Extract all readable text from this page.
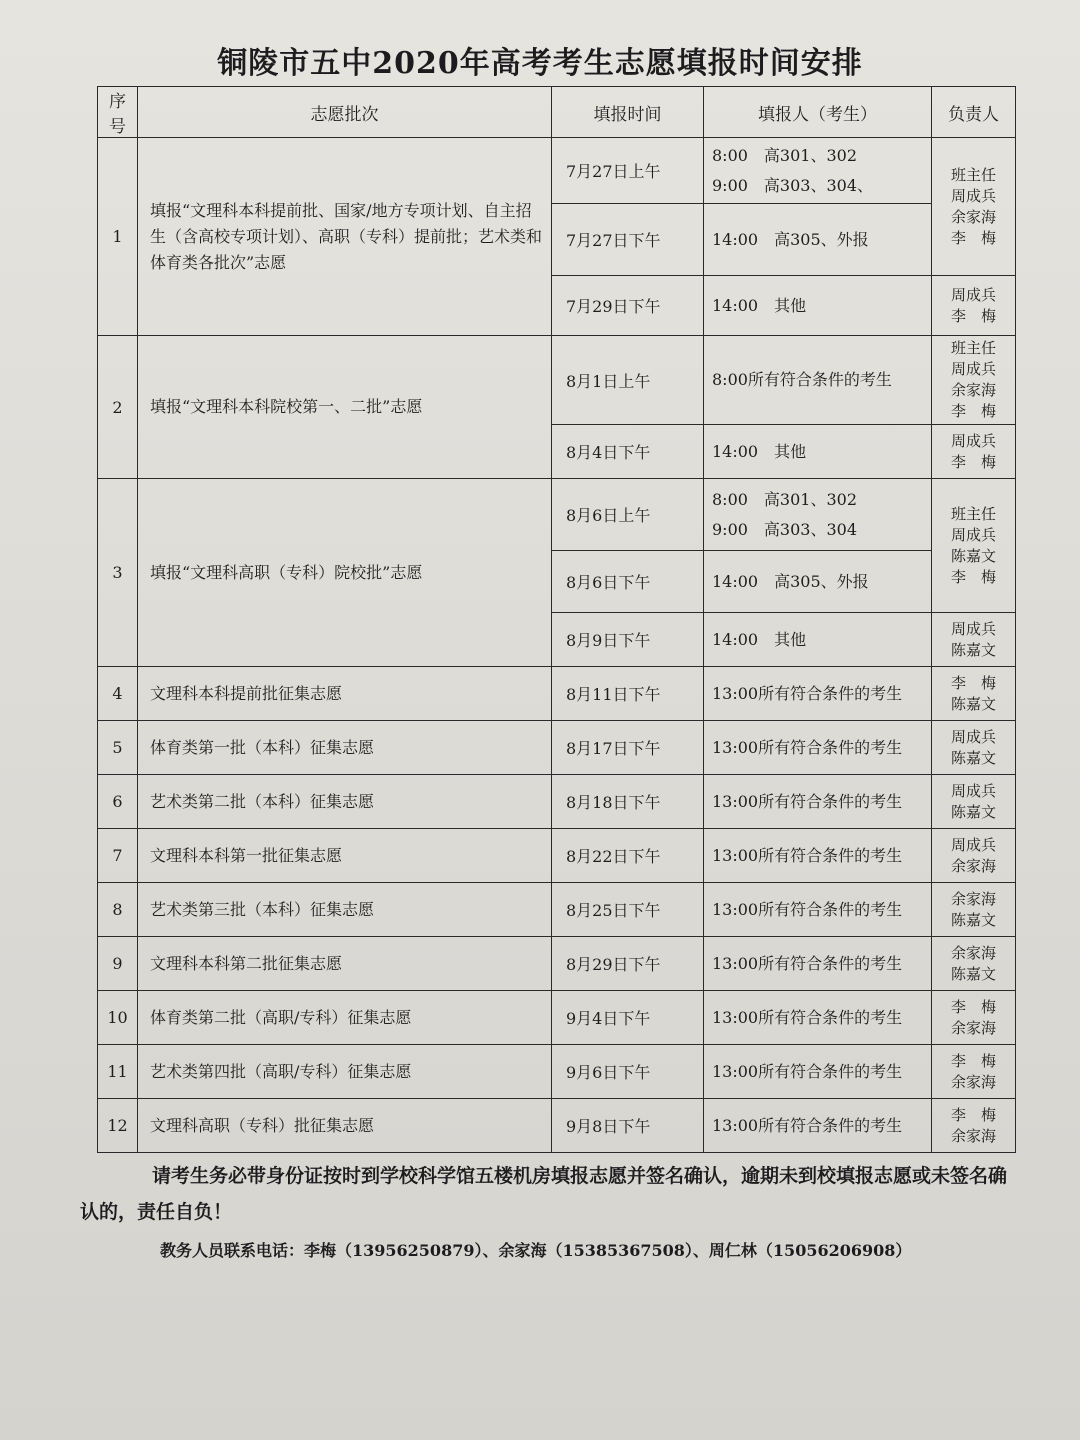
铜陵市五中2020年高考考生志愿填报时间安排
序号	志愿批次	填报时间	填报人（考生）	负责人
1	填报“文理科本科提前批、国家/地方专项计划、自主招生（含高校专项计划）、高职（专科）提前批；艺术类和体育类各批次”志愿	7月27日上午	8:00　高301、302
9:00　高303、304、	班主任
周成兵
余家海
李　梅

		7月27日下午	14:00　高305、外报	

		7月29日下午	14:00　其他	周成兵
李　梅

2	填报“文理科本科院校第一、二批”志愿	8月1日上午	8:00所有符合条件的考生	班主任
周成兵
余家海
李　梅

		8月4日下午	14:00　其他	周成兵
李　梅

3	填报“文理科高职（专科）院校批”志愿	8月6日上午	8:00　高301、302
9:00　高303、304	班主任
周成兵
陈嘉文
李　梅

		8月6日下午	14:00　高305、外报	

		8月9日下午	14:00　其他	周成兵
陈嘉文

4	文理科本科提前批征集志愿	8月11日下午	13:00所有符合条件的考生	李　梅
陈嘉文

5	体育类第一批（本科）征集志愿	8月17日下午	13:00所有符合条件的考生	周成兵
陈嘉文

6	艺术类第二批（本科）征集志愿	8月18日下午	13:00所有符合条件的考生	周成兵
陈嘉文

7	文理科本科第一批征集志愿	8月22日下午	13:00所有符合条件的考生	周成兵
余家海

8	艺术类第三批（本科）征集志愿	8月25日下午	13:00所有符合条件的考生	余家海
陈嘉文

9	文理科本科第二批征集志愿	8月29日下午	13:00所有符合条件的考生	余家海
陈嘉文

10	体育类第二批（高职/专科）征集志愿	9月4日下午	13:00所有符合条件的考生	李　梅
余家海

11	艺术类第四批（高职/专科）征集志愿	9月6日下午	13:00所有符合条件的考生	李　梅
余家海

12	文理科高职（专科）批征集志愿	9月8日下午	13:00所有符合条件的考生	李　梅
余家海
请考生务必带身份证按时到学校科学馆五楼机房填报志愿并签名确认，逾期未到校填报志愿或未签名确认的，责任自负！
教务人员联系电话：李梅（13956250879）、余家海（15385367508）、周仁林（15056206908）
